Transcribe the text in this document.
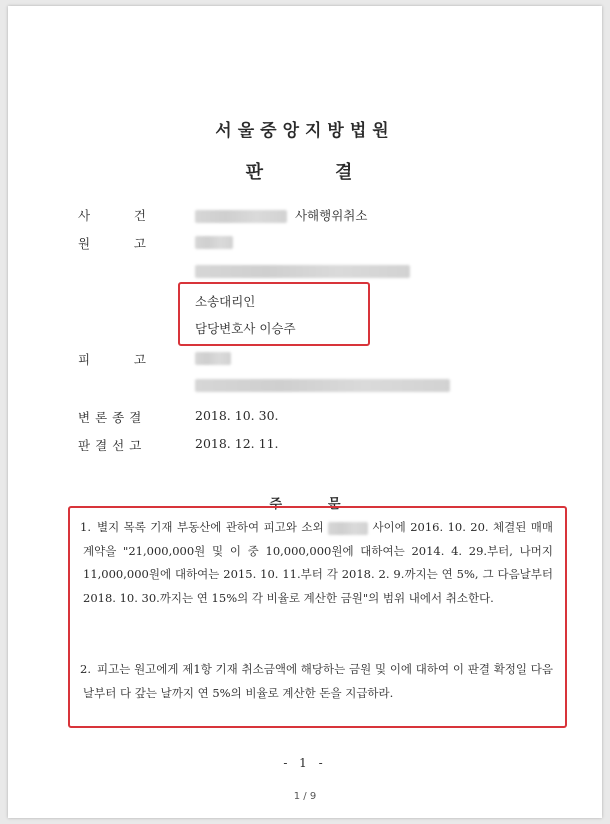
서울중앙지방법원
판결
사	건	사해행위취소
원	고
소송대리인
담당변호사 이승주
피	고
변론종결	2018. 10. 30.
판결선고	2018. 12. 11.
주문
1. 별지 목록 기재 부동산에 관하여 피고와 소외	사이에 2016. 10. 20. 체결된 매매계약을 "21,000,000원 및 이 중 10,000,000원에 대하여는 2014. 4. 29.부터, 나머지 11,000,000원에 대하여는 2015. 10. 11.부터 각 2018. 2. 9.까지는 연 5%, 그 다음날부터 2018. 10. 30.까지는 연 15%의 각 비율로 계산한 금원"의 범위 내에서 취소한다.
2. 피고는 원고에게 제1항 기재 취소금액에 해당하는 금원 및 이에 대하여 이 판결 확정일 다음날부터 다 갚는 날까지 연 5%의 비율로 계산한 돈을 지급하라.
- 1 -
1 / 9
